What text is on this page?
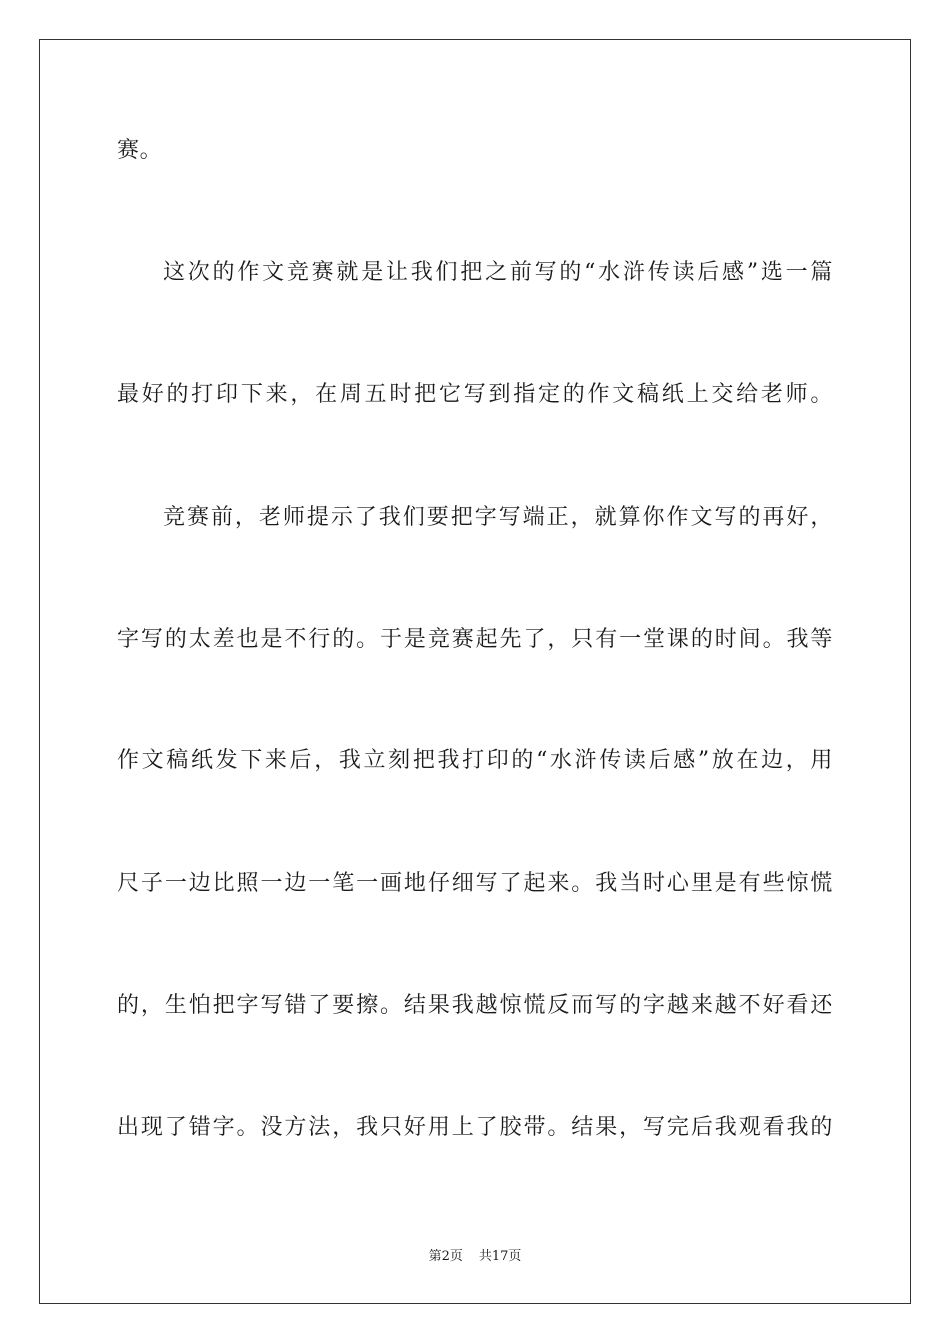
赛。
这次的作文竞赛就是让我们把之前写的“水浒传读后感”选一篇
最好的打印下来，在周五时把它写到指定的作文稿纸上交给老师。
竞赛前，老师提示了我们要把字写端正，就算你作文写的再好，
字写的太差也是不行的。于是竞赛起先了，只有一堂课的时间。我等
作文稿纸发下来后，我立刻把我打印的“水浒传读后感”放在边，用
尺子一边比照一边一笔一画地仔细写了起来。我当时心里是有些惊慌
的，生怕把字写错了要擦。结果我越惊慌反而写的字越来越不好看还
出现了错字。没方法，我只好用上了胶带。结果，写完后我观看我的
第2页 共17页
